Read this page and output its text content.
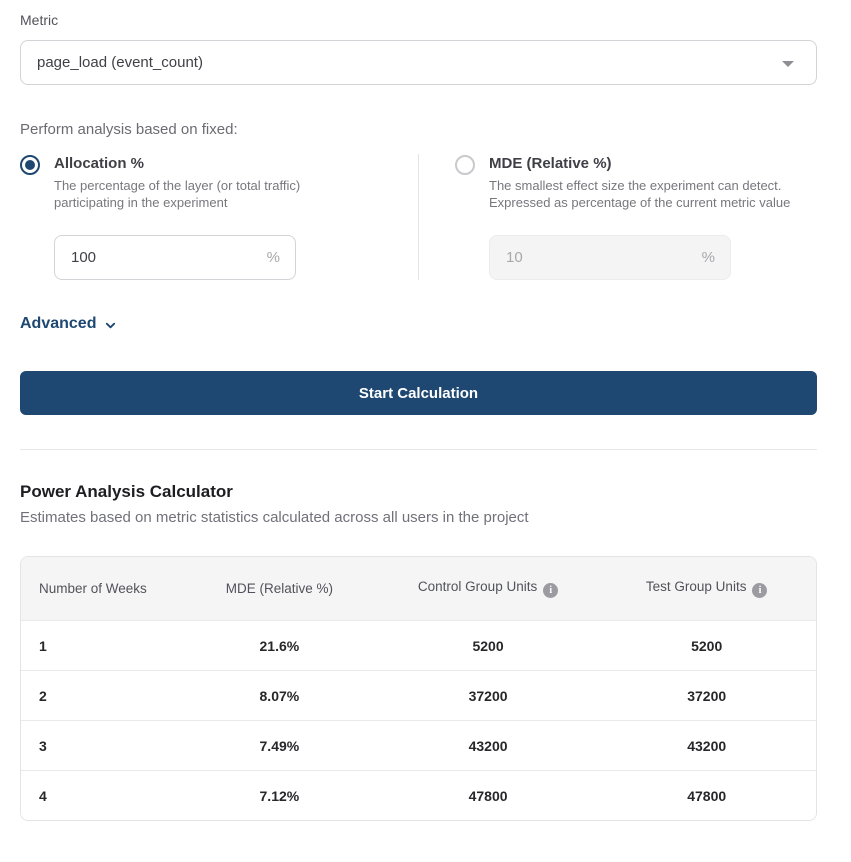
Metric
page_load (event_count)
Perform analysis based on fixed:
Allocation %
The percentage of the layer (or total traffic) participating in the experiment
100
%
MDE (Relative %)
The smallest effect size the experiment can detect. Expressed as percentage of the current metric value
10
%
Advanced
Start Calculation
Power Analysis Calculator

Estimates based on metric statistics calculated across all users in the project

Number of Weeks	MDE (Relative %)	Control Group Units i	Test Group Units i
1	21.6%	5200	5200
2	8.07%	37200	37200
3	7.49%	43200	43200
4	7.12%	47800	47800
